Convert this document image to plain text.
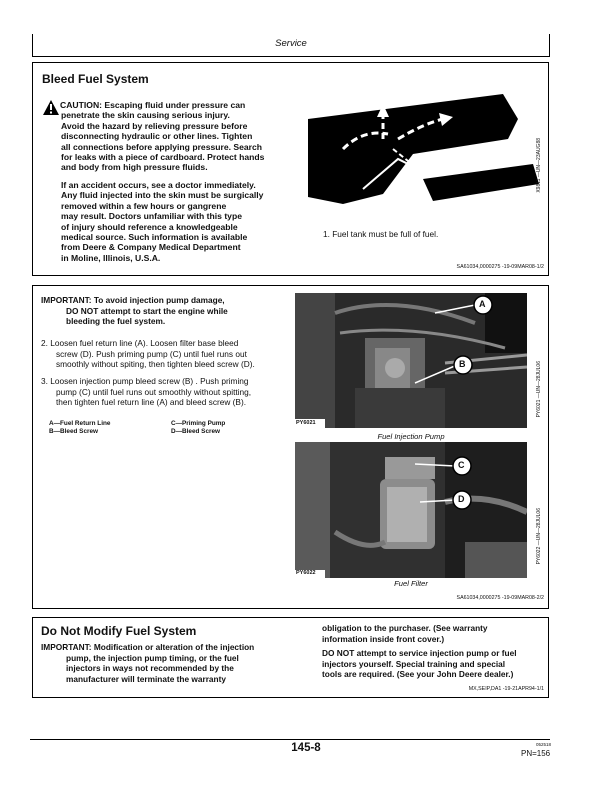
Service
Bleed Fuel System

CAUTION: Escaping fluid under pressure can

penetrate the skin causing serious injury.

Avoid the hazard by relieving pressure before

disconnecting hydraulic or other lines. Tighten

all connections before applying pressure. Search

for leaks with a piece of cardboard. Protect hands

and body from high pressure fluids.

If an accident occurs, see a doctor immediately.

Any fluid injected into the skin must be surgically

removed within a few hours or gangrene

may result. Doctors unfamiliar with this type

of injury should reference a knowledgeable

medical source. Such information is available

from Deere & Company Medical Department

in Moline, Illinois, U.S.A.

X9811 —UN—23AUG88
1. Fuel tank must be full of fuel.
SA61034,0000275 -19-09MAR08-1/2
IMPORTANT: To avoid injection pump damage,
DO NOT attempt to start the engine while
bleeding the fuel system.
2. Loosen fuel return line (A). Loosen filter base bleed
screw (D). Push priming pump (C) until fuel runs out
smoothly without spiting, then tighten bleed screw (D).
3. Loosen injection pump bleed screw (B) . Push priming
pump (C) until fuel runs out smoothly without spitting,
then tighten fuel return line (A) and bleed screw (B).
A—Fuel Return Line
B—Bleed Screw
C—Priming Pump
D—Bleed Screw
A
B
PY6021
PY6021 —UN—28JUL06
Fuel Injection Pump
C
D
PY6022
PY6022 —UN—28JUL06
Fuel Filter
SA61034,0000275 -19-09MAR08-2/2
Do Not Modify Fuel System
IMPORTANT: Modification or alteration of the injection
pump, the injection pump timing, or the fuel
injectors in ways not recommended by the
manufacturer will terminate the warranty
obligation to the purchaser. (See warranty
information inside front cover.)
DO NOT attempt to service injection pump or fuel
injectors yourself. Special training and special
tools are required. (See your John Deere dealer.)
MX,SEIP,DA1 -19-21APR94-1/1
145-8	052518
PN=156
